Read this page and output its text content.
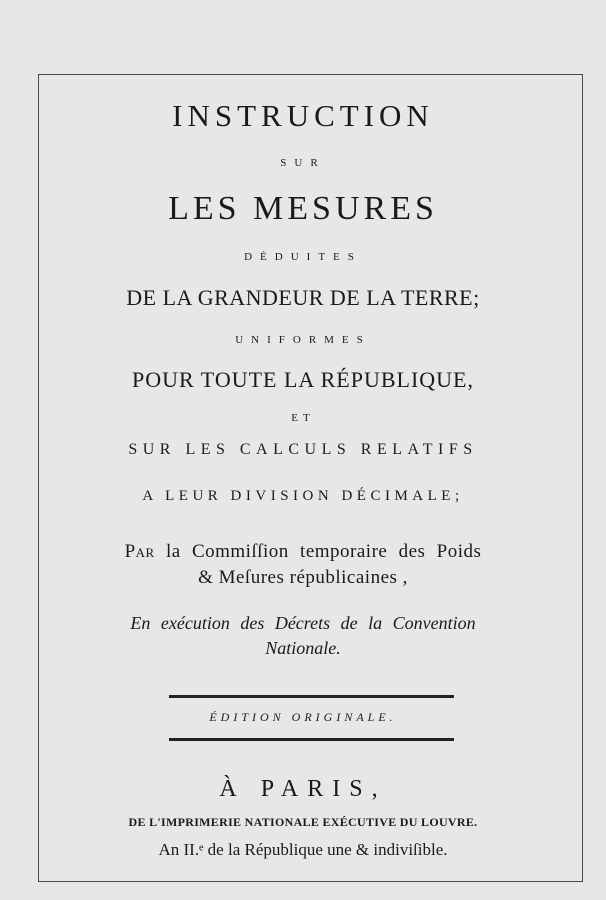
INSTRUCTION
SUR
LES MESURES
DÉDUITES
DE LA GRANDEUR DE LA TERRE;
UNIFORMES
POUR TOUTE LA RÉPUBLIQUE,
ET
SUR LES CALCULS RELATIFS
A LEUR DIVISION DÉCIMALE;
Par la Commiſſion temporaire des Poids
& Meſures républicaines ,
En exécution des Décrets de la Convention
Nationale.
ÉDITION ORIGINALE.
À PARIS,
DE L'IMPRIMERIE NATIONALE EXÉCUTIVE DU LOUVRE.
An II.ᵉ de la République une & indiviſible.
